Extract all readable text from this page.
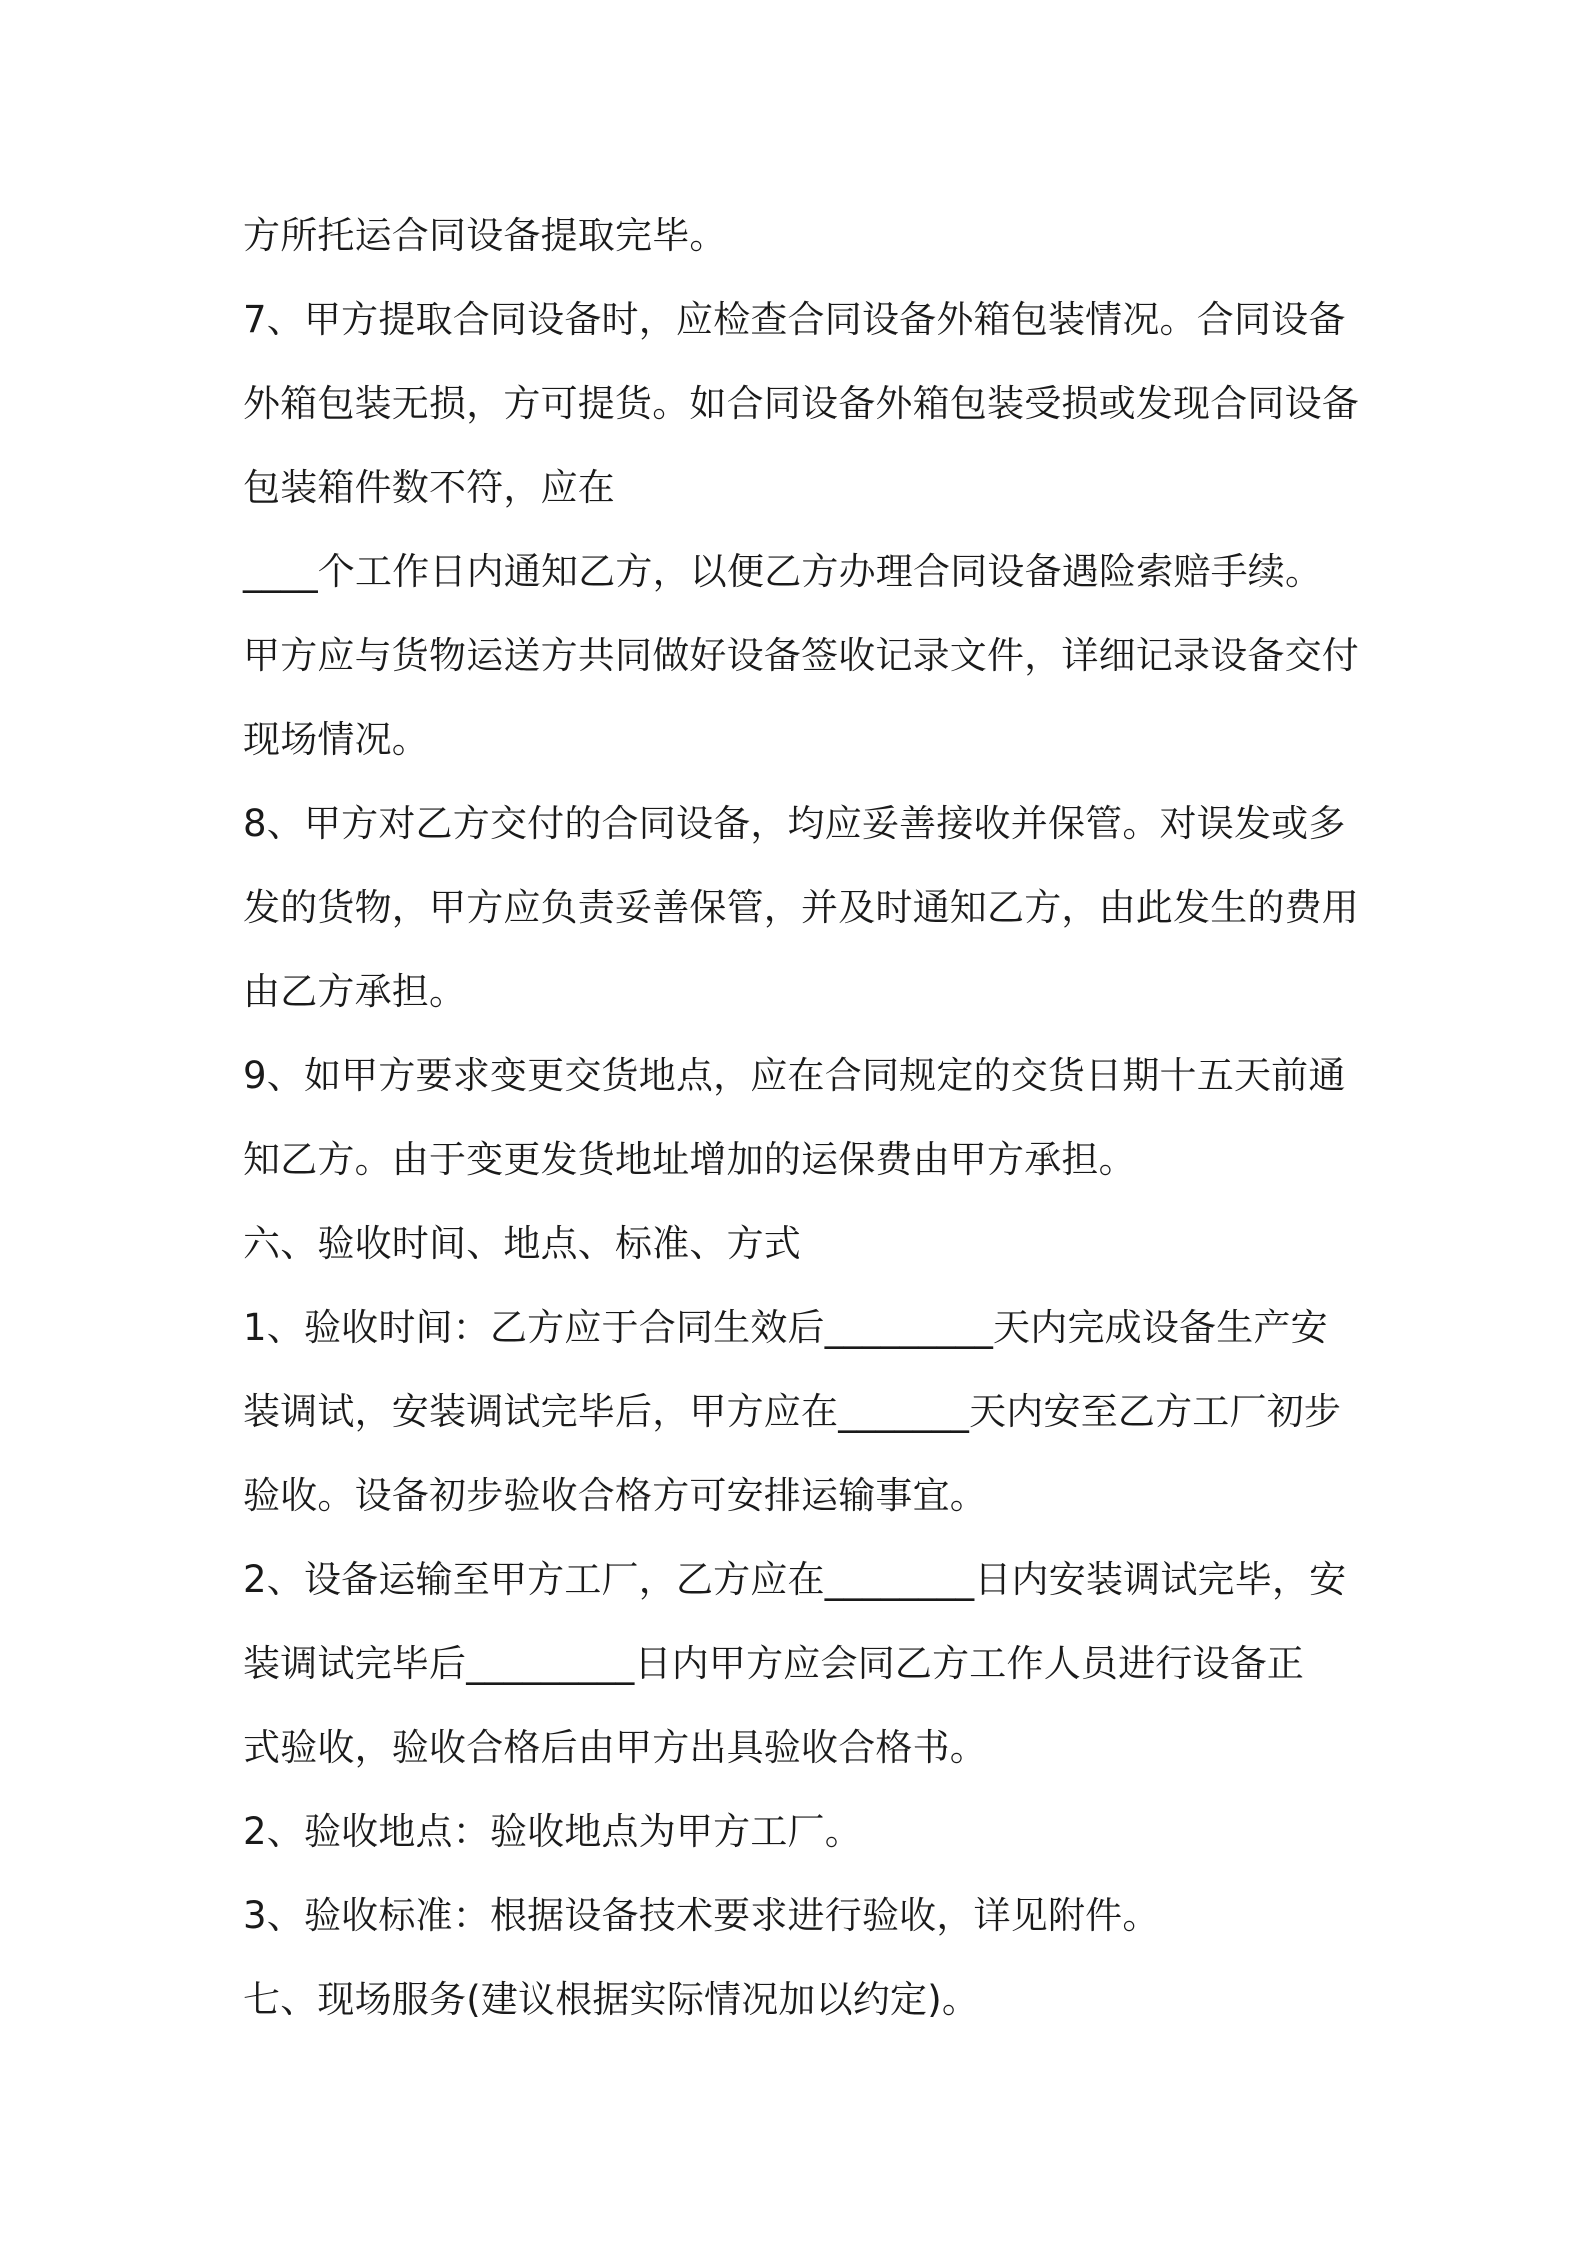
方所托运合同设备提取完毕。
7、甲方提取合同设备时，应检查合同设备外箱包装情况。合同设备
外箱包装无损，方可提货。如合同设备外箱包装受损或发现合同设备
包装箱件数不符，应在
____个工作日内通知乙方，以便乙方办理合同设备遇险索赔手续。
甲方应与货物运送方共同做好设备签收记录文件，详细记录设备交付
现场情况。
8、甲方对乙方交付的合同设备，均应妥善接收并保管。对误发或多
发的货物，甲方应负责妥善保管，并及时通知乙方，由此发生的费用
由乙方承担。
9、如甲方要求变更交货地点，应在合同规定的交货日期十五天前通
知乙方。由于变更发货地址增加的运保费由甲方承担。
六、验收时间、地点、标准、方式
1、验收时间：乙方应于合同生效后_________天内完成设备生产安
装调试，安装调试完毕后，甲方应在_______天内安至乙方工厂初步
验收。设备初步验收合格方可安排运输事宜。
2、设备运输至甲方工厂，乙方应在________日内安装调试完毕，安
装调试完毕后_________日内甲方应会同乙方工作人员进行设备正
式验收，验收合格后由甲方出具验收合格书。
2、验收地点：验收地点为甲方工厂。
3、验收标准：根据设备技术要求进行验收，详见附件。
七、现场服务(建议根据实际情况加以约定)。
